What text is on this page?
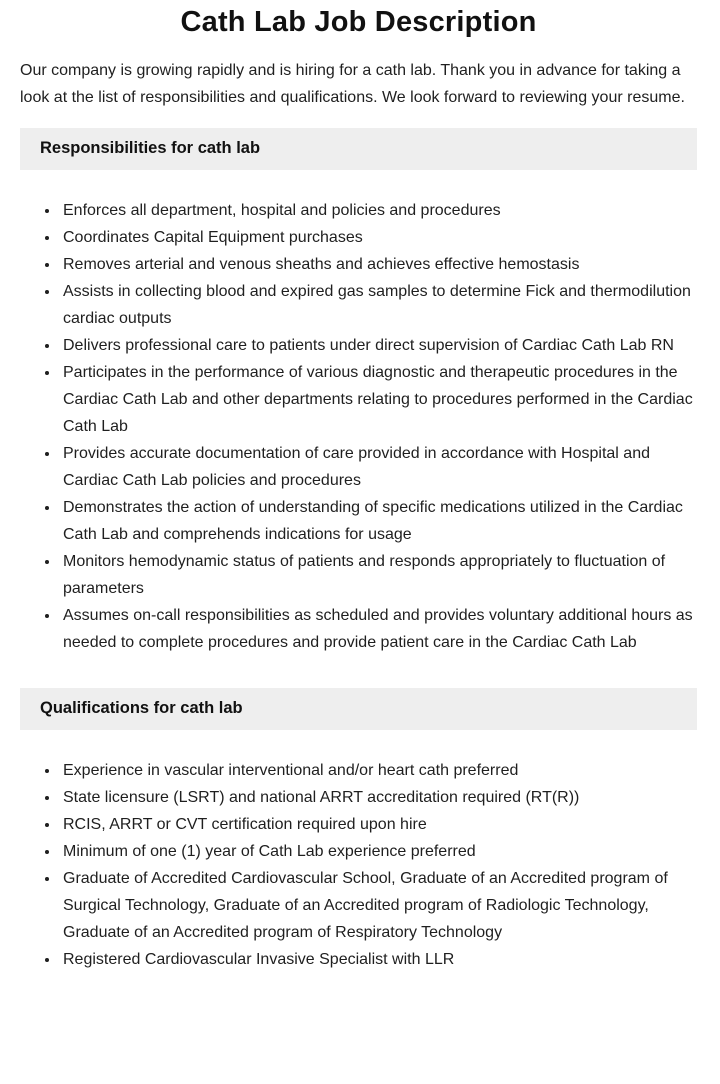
Cath Lab Job Description

Our company is growing rapidly and is hiring for a cath lab. Thank you in advance for taking a look at the list of responsibilities and qualifications. We look forward to reviewing your resume.

Responsibilities for cath lab
• Enforces all department, hospital and policies and procedures
• Coordinates Capital Equipment purchases
• Removes arterial and venous sheaths and achieves effective hemostasis
• Assists in collecting blood and expired gas samples to determine Fick and thermodilution cardiac outputs
• Delivers professional care to patients under direct supervision of Cardiac Cath Lab RN
• Participates in the performance of various diagnostic and therapeutic procedures in the Cardiac Cath Lab and other departments relating to procedures performed in the Cardiac Cath Lab
• Provides accurate documentation of care provided in accordance with Hospital and Cardiac Cath Lab policies and procedures
• Demonstrates the action of understanding of specific medications utilized in the Cardiac Cath Lab and comprehends indications for usage
• Monitors hemodynamic status of patients and responds appropriately to fluctuation of parameters
• Assumes on-call responsibilities as scheduled and provides voluntary additional hours as needed to complete procedures and provide patient care in the Cardiac Cath Lab
Qualifications for cath lab
• Experience in vascular interventional and/or heart cath preferred
• State licensure (LSRT) and national ARRT accreditation required (RT(R))
• RCIS, ARRT or CVT certification required upon hire
• Minimum of one (1) year of Cath Lab experience preferred
• Graduate of Accredited Cardiovascular School, Graduate of an Accredited program of Surgical Technology, Graduate of an Accredited program of Radiologic Technology, Graduate of an Accredited program of Respiratory Technology
• Registered Cardiovascular Invasive Specialist with LLR
